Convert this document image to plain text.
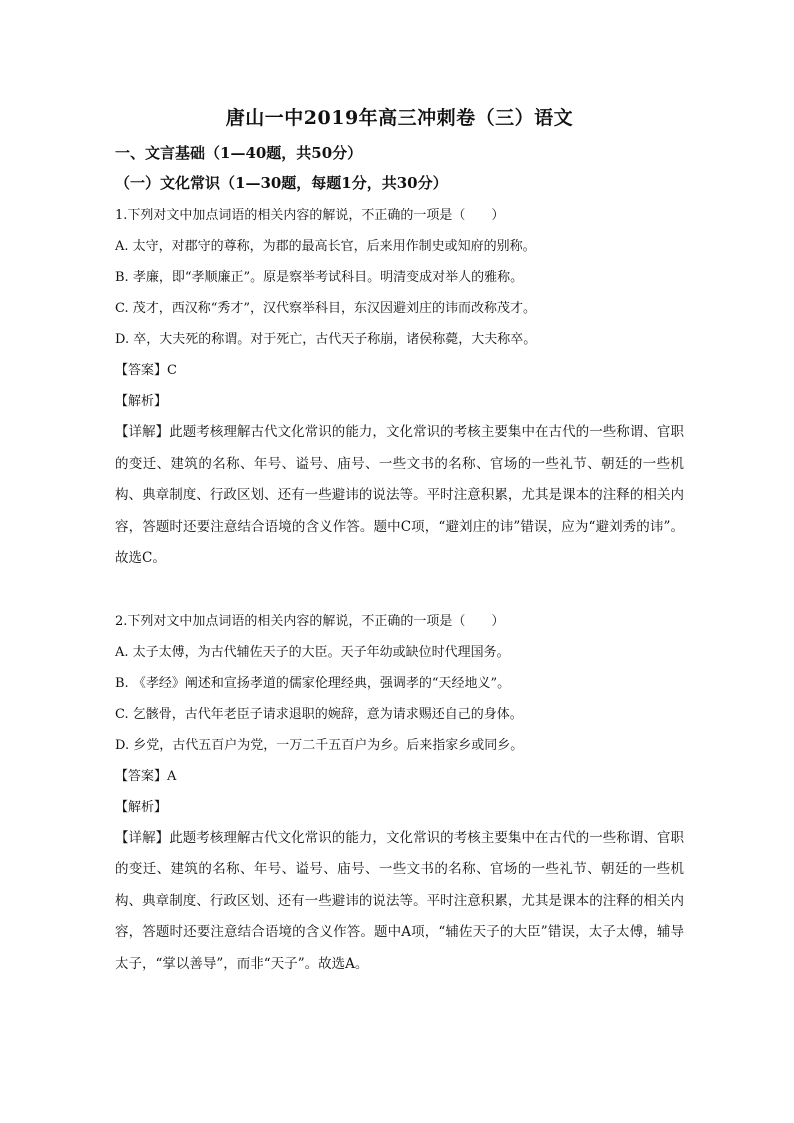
唐山一中2019年高三冲刺卷（三）语文
一、文言基础（1—40题，共50分）
（一）文化常识（1—30题，每题1分，共30分）

1.下列对文中加点词语的相关内容的解说，不正确的一项是（　　）

A. 太守，对郡守的尊称，为郡的最高长官，后来用作制史或知府的别称。

B. 孝廉，即“孝顺廉正”。原是察举考试科目。明清变成对举人的雅称。

C. 茂才，西汉称“秀才”，汉代察举科目，东汉因避刘庄的讳而改称茂才。

D. 卒，大夫死的称谓。对于死亡，古代天子称崩，诸侯称薨，大夫称卒。

【答案】C

【解析】

【详解】此题考核理解古代文化常识的能力，文化常识的考核主要集中在古代的一些称谓、官职的变迁、建筑的名称、年号、谥号、庙号、一些文书的名称、官场的一些礼节、朝廷的一些机构、典章制度、行政区划、还有一些避讳的说法等。平时注意积累，尤其是课本的注释的相关内容，答题时还要注意结合语境的含义作答。题中C项，“避刘庄的讳”错误，应为“避刘秀的讳”。故选C。

2.下列对文中加点词语的相关内容的解说，不正确的一项是（　　）

A. 太子太傅，为古代辅佐天子的大臣。天子年幼或缺位时代理国务。

B. 《孝经》阐述和宣扬孝道的儒家伦理经典，强调孝的“天经地义”。

C. 乞骸骨，古代年老臣子请求退职的婉辞，意为请求赐还自己的身体。

D. 乡党，古代五百户为党，一万二千五百户为乡。后来指家乡或同乡。

【答案】A

【解析】

【详解】此题考核理解古代文化常识的能力，文化常识的考核主要集中在古代的一些称谓、官职的变迁、建筑的名称、年号、谥号、庙号、一些文书的名称、官场的一些礼节、朝廷的一些机构、典章制度、行政区划、还有一些避讳的说法等。平时注意积累，尤其是课本的注释的相关内容，答题时还要注意结合语境的含义作答。题中A项，“辅佐天子的大臣”错误，太子太傅，辅导太子，“掌以善导”，而非“天子”。故选A。
